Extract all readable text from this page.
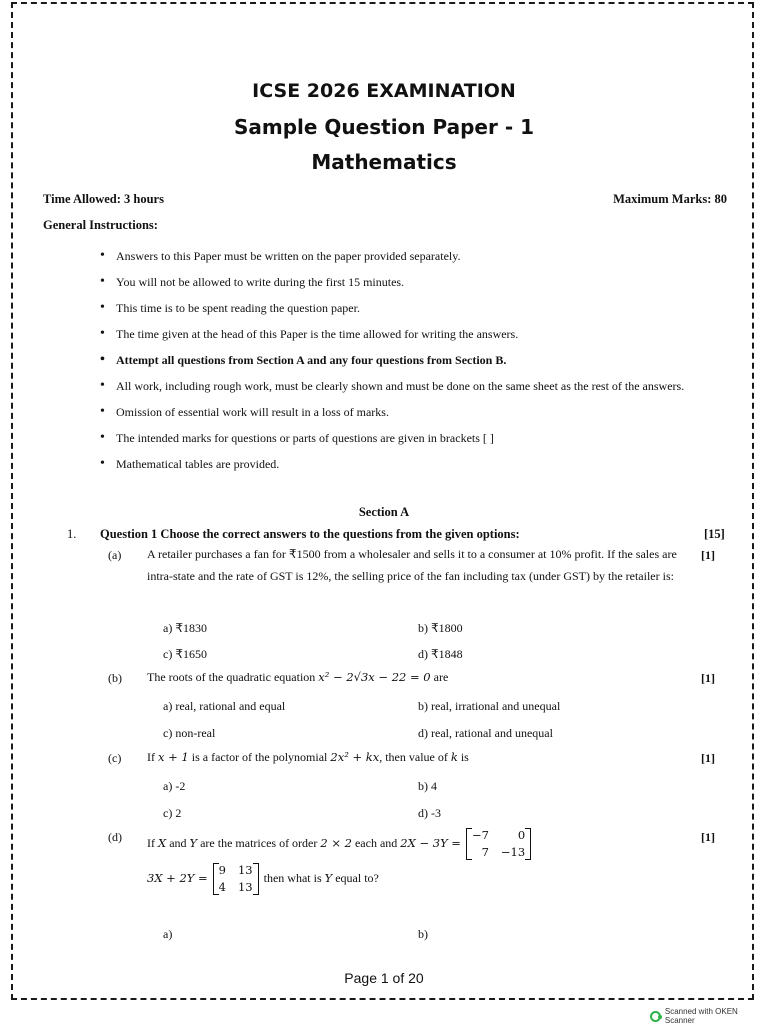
ICSE 2026 EXAMINATION
Sample Question Paper - 1
Mathematics
Time Allowed: 3 hours	Maximum Marks: 80
General Instructions:
• Answers to this Paper must be written on the paper provided separately.
• You will not be allowed to write during the first 15 minutes.
• This time is to be spent reading the question paper.
• The time given at the head of this Paper is the time allowed for writing the answers.
• Attempt all questions from Section A and any four questions from Section B.
• All work, including rough work, must be clearly shown and must be done on the same sheet as the rest of the answers.
• Omission of essential work will result in a loss of marks.
• The intended marks for questions or parts of questions are given in brackets [ ]
• Mathematical tables are provided.
Section A
1. Question 1 Choose the correct answers to the questions from the given options:	[15]
(a) A retailer purchases a fan for ₹1500 from a wholesaler and sells it to a consumer at 10% profit. If the sales are intra-state and the rate of GST is 12%, the selling price of the fan including tax (under GST) by the retailer is:
[1]
a) ₹1830	b) ₹1800
c) ₹1650	d) ₹1848
(b) The roots of the quadratic equation x² − 2√3x − 22 = 0 are	[1]
a) real, rational and equal	b) real, irrational and unequal
c) non-real	d) real, rational and unequal
(c) If x + 1 is a factor of the polynomial 2x² + kx, then value of k is	[1]
a) -2	b) 4
c) 2	d) -3
(d) If X and Y are the matrices of order 2 × 2 each and 2X − 3Y =
−7	0
7	−13
[1]
3X + 2Y =
9	13
4	13
then what is Y equal to?
a)	b)
Page 1 of 20
Scanned with OKEN Scanner
